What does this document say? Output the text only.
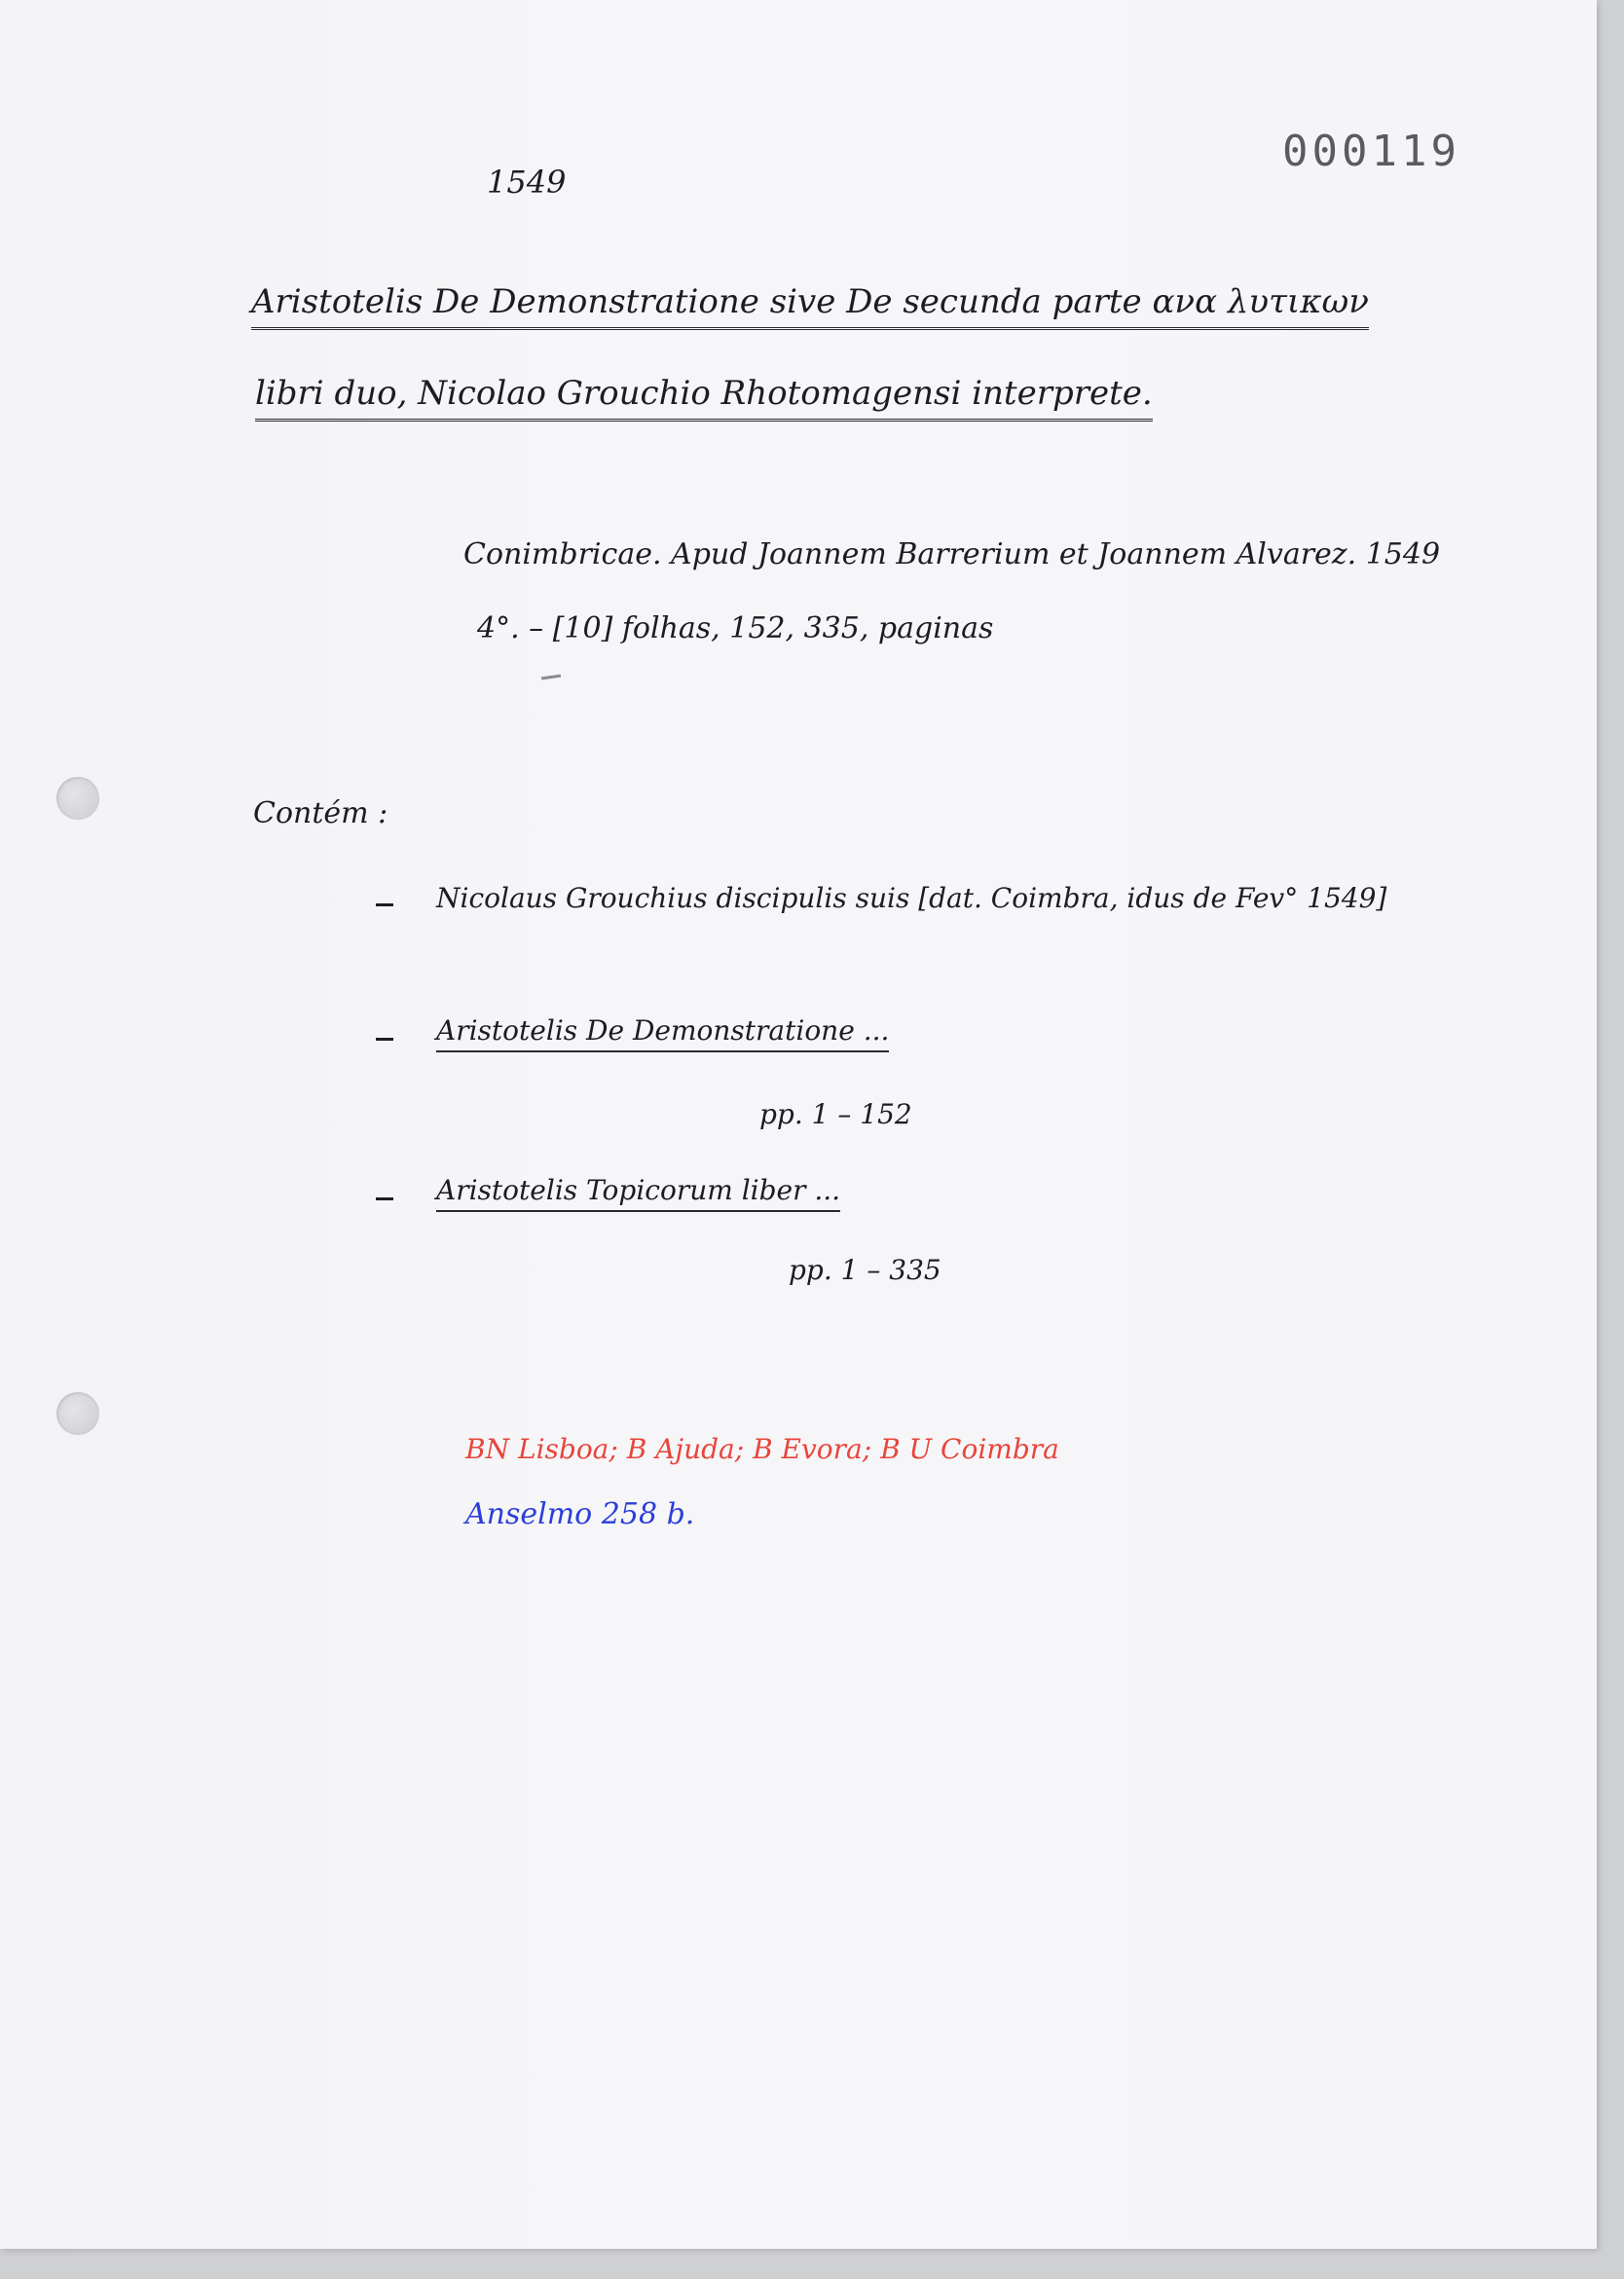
000119
1549
Aristotelis De Demonstratione sive De secunda parte ανα λυτικων
libri duo, Nicolao Grouchio Rhotomagensi interprete.
Conimbricae. Apud Joannem Barrerium et Joannem Alvarez. 1549
4°. – [10] folhas, 152, 335, paginas
Contém :
Nicolaus Grouchius discipulis suis [dat. Coimbra, idus de Fev° 1549]
Aristotelis De Demonstratione ...
pp. 1 – 152
Aristotelis Topicorum liber ...
pp. 1 – 335
BN Lisboa; B Ajuda; B Evora; B U Coimbra
Anselmo 258 b.
